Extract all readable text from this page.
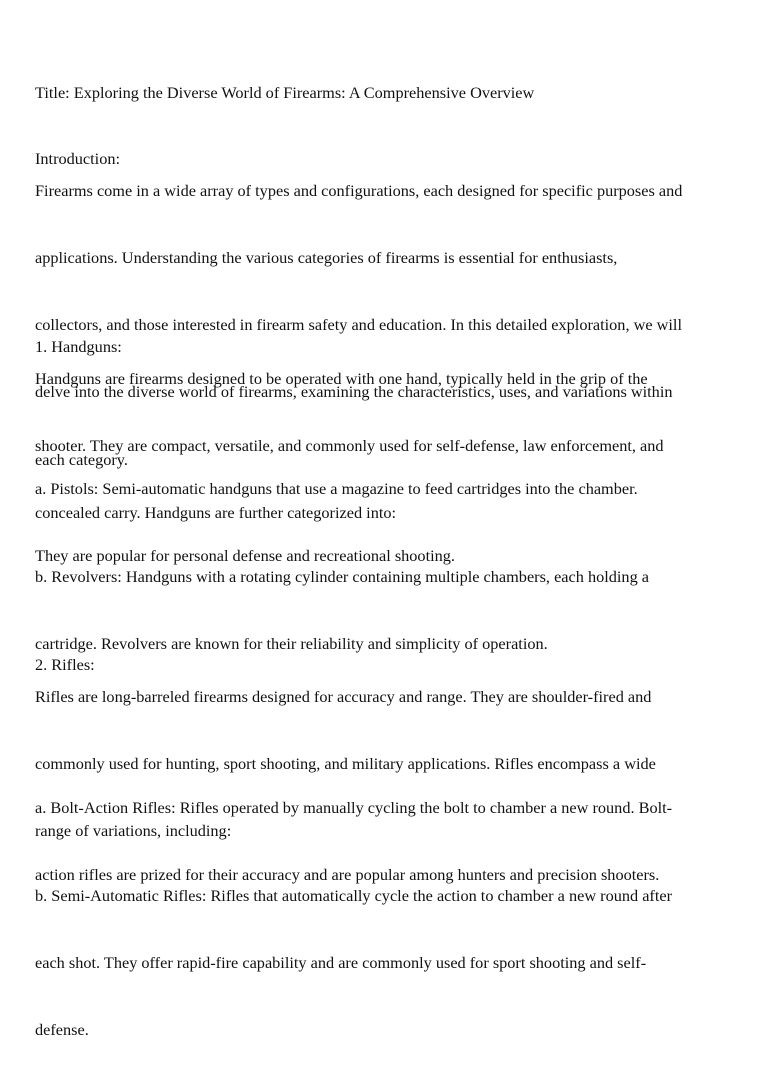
Title: Exploring the Diverse World of Firearms: A Comprehensive Overview

Introduction:

Firearms come in a wide array of types and configurations, each designed for specific purposes and

applications. Understanding the various categories of firearms is essential for enthusiasts,

collectors, and those interested in firearm safety and education. In this detailed exploration, we will

delve into the diverse world of firearms, examining the characteristics, uses, and variations within

each category.

1. Handguns:

Handguns are firearms designed to be operated with one hand, typically held in the grip of the

shooter. They are compact, versatile, and commonly used for self-defense, law enforcement, and

concealed carry. Handguns are further categorized into:

a. Pistols: Semi-automatic handguns that use a magazine to feed cartridges into the chamber.

They are popular for personal defense and recreational shooting.

b. Revolvers: Handguns with a rotating cylinder containing multiple chambers, each holding a

cartridge. Revolvers are known for their reliability and simplicity of operation.

2. Rifles:

Rifles are long-barreled firearms designed for accuracy and range. They are shoulder-fired and

commonly used for hunting, sport shooting, and military applications. Rifles encompass a wide

range of variations, including:

a. Bolt-Action Rifles: Rifles operated by manually cycling the bolt to chamber a new round. Bolt-

action rifles are prized for their accuracy and are popular among hunters and precision shooters.

b. Semi-Automatic Rifles: Rifles that automatically cycle the action to chamber a new round after

each shot. They offer rapid-fire capability and are commonly used for sport shooting and self-

defense.
